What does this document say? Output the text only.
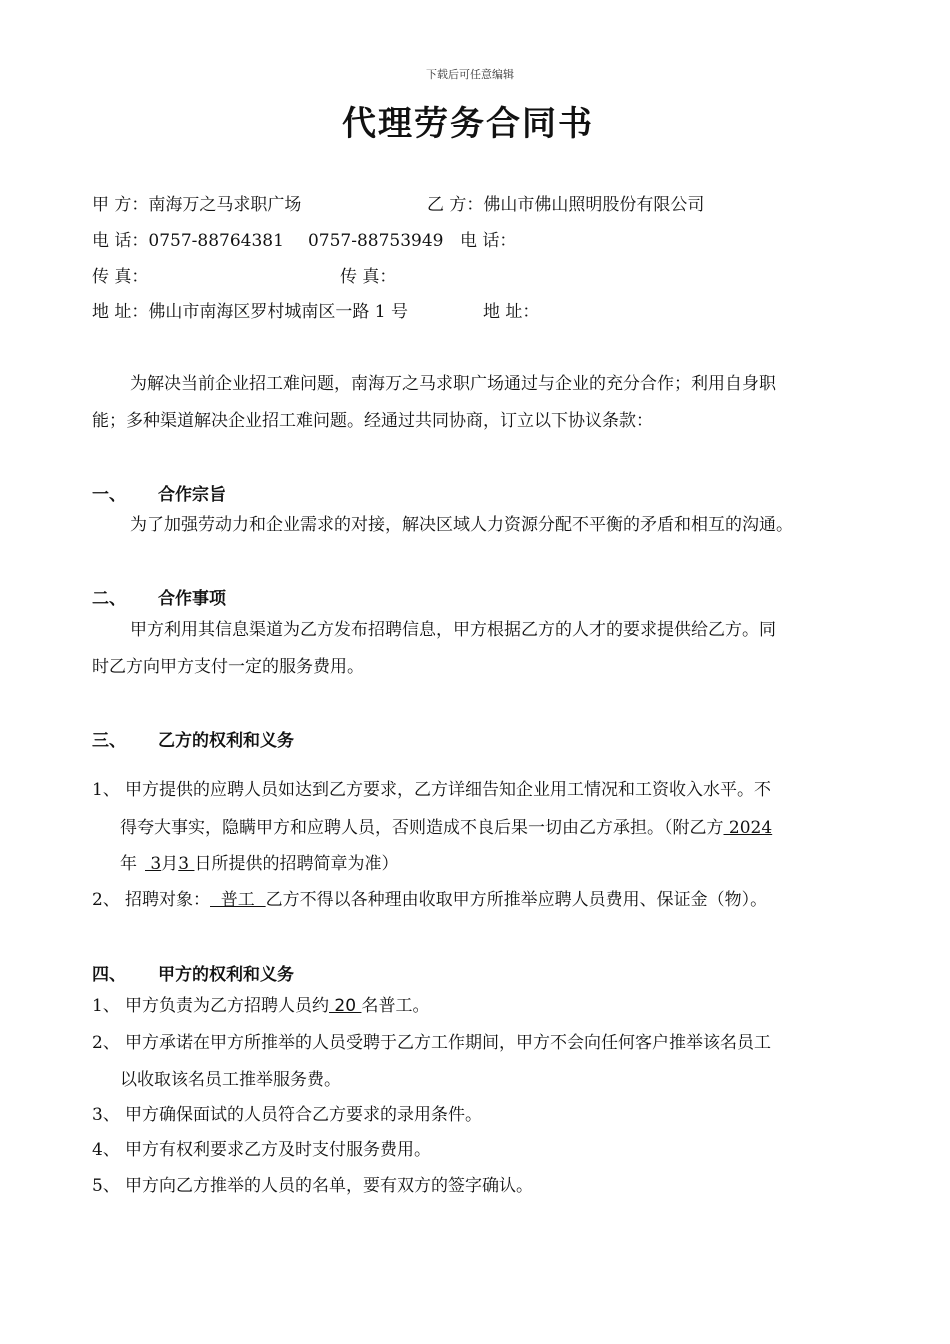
下载后可任意编辑
代理劳务合同书
甲 方：南海万之马求职广场	乙 方：佛山市佛山照明股份有限公司
电 话：0757-88764381 0757-88753949 电 话：
传 真：	传 真：
地 址：佛山市南海区罗村城南区一路 1 号	地 址：
为解决当前企业招工难问题，南海万之马求职广场通过与企业的充分合作；利用自身职
能；多种渠道解决企业招工难问题。经通过共同协商，订立以下协议条款：
一、 合作宗旨
为了加强劳动力和企业需求的对接，解决区域人力资源分配不平衡的矛盾和相互的沟通。
二、 合作事项
甲方利用其信息渠道为乙方发布招聘信息，甲方根据乙方的人才的要求提供给乙方。同
时乙方向甲方支付一定的服务费用。
三、 乙方的权利和义务
1、 甲方提供的应聘人员如达到乙方要求，乙方详细告知企业用工情况和工资收入水平。不
得夸大事实，隐瞒甲方和应聘人员，否则造成不良后果一切由乙方承担。（附乙方 2024
年 3月3 日所提供的招聘简章为准）
2、 招聘对象：  普工  乙方不得以各种理由收取甲方所推举应聘人员费用、保证金（物）。
四、 甲方的权利和义务
1、 甲方负责为乙方招聘人员约 20 名普工。
2、 甲方承诺在甲方所推举的人员受聘于乙方工作期间，甲方不会向任何客户推举该名员工
以收取该名员工推举服务费。
3、 甲方确保面试的人员符合乙方要求的录用条件。
4、 甲方有权利要求乙方及时支付服务费用。
5、 甲方向乙方推举的人员的名单，要有双方的签字确认。
